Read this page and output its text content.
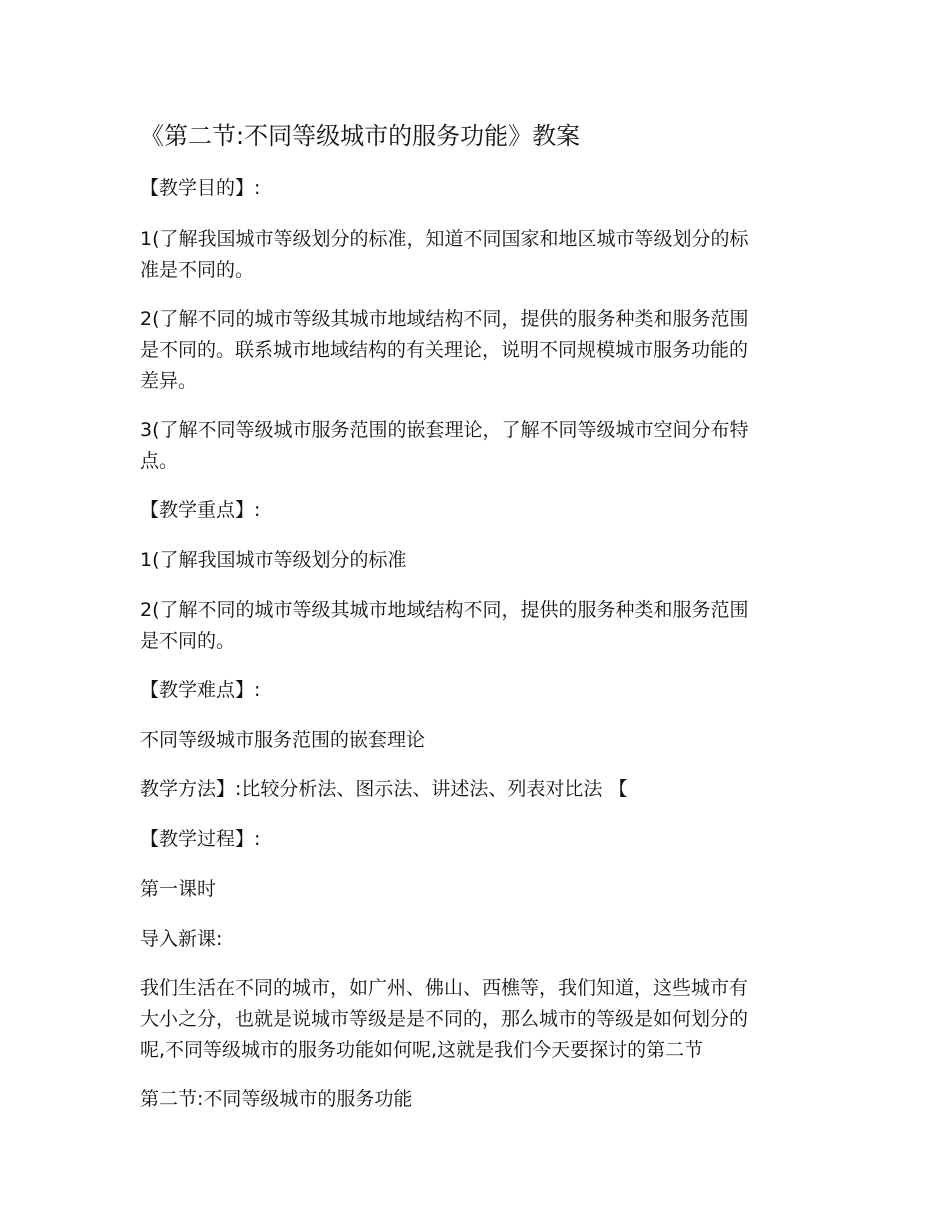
《第二节:不同等级城市的服务功能》教案

【教学目的】:

1(了解我国城市等级划分的标准，知道不同国家和地区城市等级划分的标
准是不同的。

2(了解不同的城市等级其城市地域结构不同，提供的服务种类和服务范围
是不同的。联系城市地域结构的有关理论，说明不同规模城市服务功能的
差异。

3(了解不同等级城市服务范围的嵌套理论，了解不同等级城市空间分布特
点。

【教学重点】:

1(了解我国城市等级划分的标准

2(了解不同的城市等级其城市地域结构不同，提供的服务种类和服务范围
是不同的。

【教学难点】:

不同等级城市服务范围的嵌套理论

教学方法】:比较分析法、图示法、讲述法、列表对比法 【

【教学过程】:

第一课时

导入新课:

我们生活在不同的城市，如广州、佛山、西樵等，我们知道，这些城市有
大小之分，也就是说城市等级是是不同的，那么城市的等级是如何划分的
呢,不同等级城市的服务功能如何呢,这就是我们今天要探讨的第二节

第二节:不同等级城市的服务功能
